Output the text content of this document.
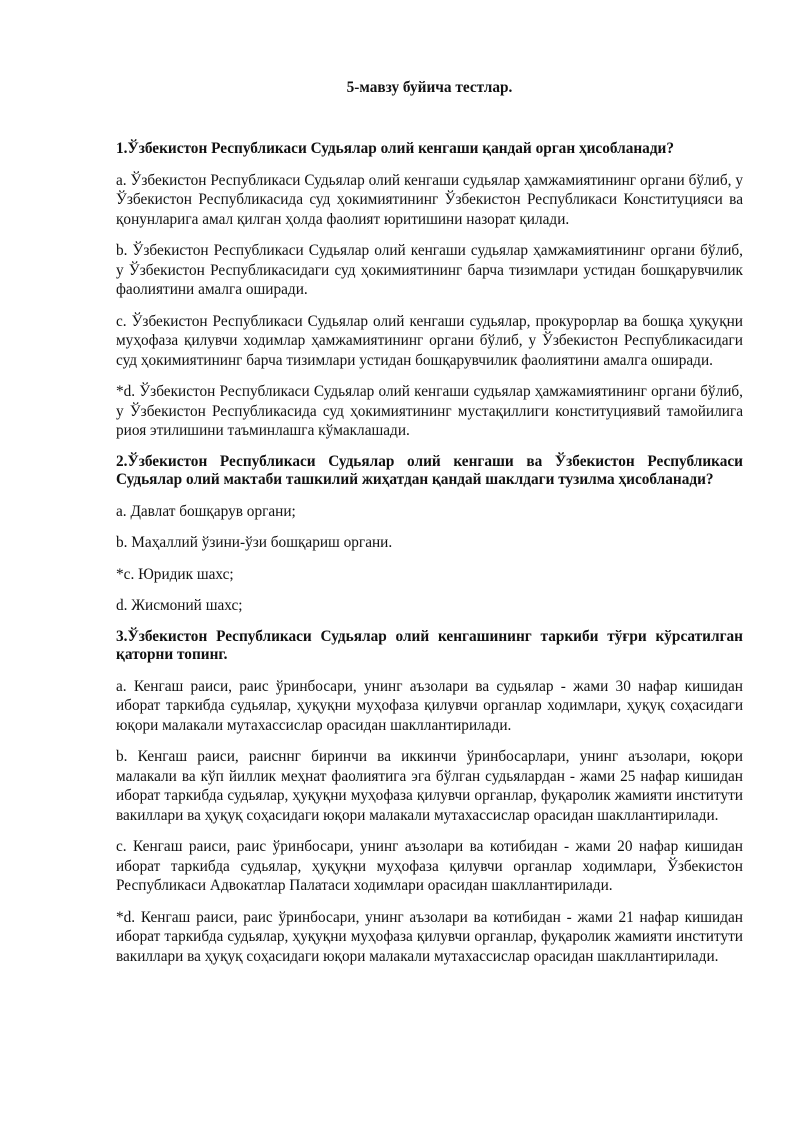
5-мавзу буйича тестлар.

1.Ўзбекистон Республикаси Судьялар олий кенгаши қандай орган ҳисобланади?

a. Ўзбекистон Республикаси Судьялар олий кенгаши судьялар ҳамжамиятининг органи бўлиб, у Ўзбекистон Республикасида суд ҳокимиятининг Ўзбекистон Республикаси Конституцияси ва қонунларига амал қилган ҳолда фаолият юритишини назорат қилади.

b. Ўзбекистон Республикаси Судьялар олий кенгаши судьялар ҳамжамиятининг органи бўлиб, у Ўзбекистон Республикасидаги суд ҳокимиятининг барча тизимлари устидан бошқарувчилик фаолиятини амалга оширади.

c. Ўзбекистон Республикаси Судьялар олий кенгаши судьялар, прокурорлар ва бошқа ҳуқуқни муҳофаза қилувчи ходимлар ҳамжамиятининг органи бўлиб, у Ўзбекистон Республикасидаги суд ҳокимиятининг барча тизимлари устидан бошқарувчилик фаолиятини амалга оширади.

*d. Ўзбекистон Республикаси Судьялар олий кенгаши судьялар ҳамжамиятининг органи бўлиб, у Ўзбекистон Республикасида суд ҳокимиятининг мустақиллиги конституциявий тамойилига риоя этилишини таъминлашга кўмаклашади.

2.Ўзбекистон Республикаси Судьялар олий кенгаши ва Ўзбекистон Республикаси Судьялар олий мактаби ташкилий жиҳатдан қандай шаклдаги тузилма ҳисобланади?

a. Давлат бошқарув органи;

b. Маҳаллий ўзини-ўзи бошқариш органи.

*c. Юридик шахс;

d. Жисмоний шахс;

3.Ўзбекистон Республикаси Судьялар олий кенгашининг таркиби тўғри кўрсатилган қаторни топинг.

a. Кенгаш раиси, раис ўринбосари, унинг аъзолари ва судьялар - жами 30 нафар кишидан иборат таркибда судьялар, ҳуқуқни муҳофаза қилувчи органлар ходимлари, ҳуқуқ соҳасидаги юқори малакали мутахассислар орасидан шакллантирилади.

b. Кенгаш раиси, раисннг биринчи ва иккинчи ўринбосарлари, унинг аъзолари, юқори малакали ва кўп йиллик меҳнат фаолиятига эга бўлган судьялардан - жами 25 нафар кишидан иборат таркибда судьялар, ҳуқуқни муҳофаза қилувчи органлар, фуқаролик жамияти институти вакиллари ва ҳуқуқ соҳасидаги юқори малакали мутахассислар орасидан шакллантирилади.

c. Кенгаш раиси, раис ўринбосари, унинг аъзолари ва котибидан - жами 20 нафар кишидан иборат таркибда судьялар, ҳуқуқни муҳофаза қилувчи органлар ходимлари, Ўзбекистон Республикаси Адвокатлар Палатаси ходимлари орасидан шакллантирилади.

*d. Кенгаш раиси, раис ўринбосари, унинг аъзолари ва котибидан - жами 21 нафар кишидан иборат таркибда судьялар, ҳуқуқни муҳофаза қилувчи органлар, фуқаролик жамияти институти вакиллари ва ҳуқуқ соҳасидаги юқори малакали мутахассислар орасидан шакллантирилади.
